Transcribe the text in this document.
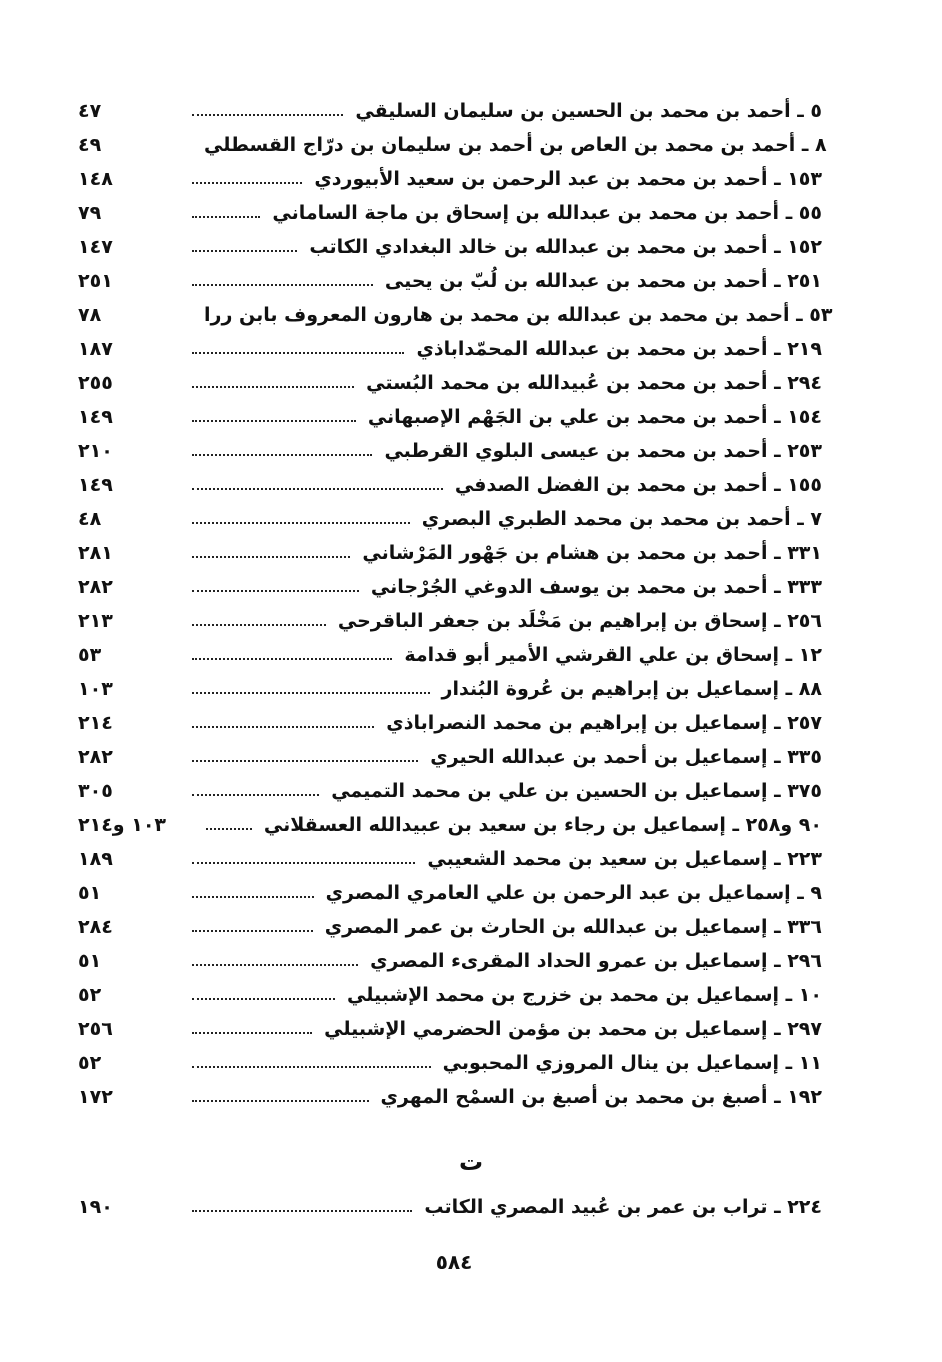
٤٧	٥ ـ أحمد بن محمد بن الحسين بن سليمان السليقي
٤٩	٨ ـ أحمد بن محمد بن العاص بن أحمد بن سليمان بن درّاج القسطلي
١٤٨	١٥٣ ـ أحمد بن محمد بن عبد الرحمن بن سعيد الأبيوردي
٧٩	٥٥ ـ أحمد بن محمد بن عبدالله بن إسحاق بن ماجة الساماني
١٤٧	١٥٢ ـ أحمد بن محمد بن عبدالله بن خالد البغدادي الكاتب
٢٥١	٢٥١ ـ أحمد بن محمد بن عبدالله بن لُبّ بن يحيى
٧٨	٥٣ ـ أحمد بن محمد بن عبدالله بن محمد بن هارون المعروف بابن ررا
١٨٧	٢١٩ ـ أحمد بن محمد بن عبدالله المحمّداباذي
٢٥٥	٢٩٤ ـ أحمد بن محمد بن عُبيدالله بن محمد البُستي
١٤٩	١٥٤ ـ أحمد بن محمد بن علي بن الجَهْم الإصبهاني
٢١٠	٢٥٣ ـ أحمد بن محمد بن عيسى البلوي القرطبي
١٤٩	١٥٥ ـ أحمد بن محمد بن الفضل الصدفي
٤٨	٧ ـ أحمد بن محمد بن محمد الطبري البصري
٢٨١	٣٣١ ـ أحمد بن محمد بن هشام بن جَهْور المَرْشاني
٢٨٢	٣٣٣ ـ أحمد بن محمد بن يوسف الدوغي الجُرْجاني
٢١٣	٢٥٦ ـ إسحاق بن إبراهيم بن مَخْلَد بن جعفر الباقرحي
٥٣	١٢ ـ إسحاق بن علي القرشي الأمير أبو قدامة
١٠٣	٨٨ ـ إسماعيل بن إبراهيم بن عُروة البُندار
٢١٤	٢٥٧ ـ إسماعيل بن إبراهيم بن محمد النصراباذي
٢٨٢	٣٣٥ ـ إسماعيل بن أحمد بن عبدالله الحيري
٣٠٥	٣٧٥ ـ إسماعيل بن الحسين بن علي بن محمد التميمي
١٠٣ و٢١٤	٩٠ و٢٥٨ ـ إسماعيل بن رجاء بن سعيد بن عبيدالله العسقلاني
١٨٩	٢٢٣ ـ إسماعيل بن سعيد بن محمد الشعيبي
٥١	٩ ـ إسماعيل بن عبد الرحمن بن علي العامري المصري
٢٨٤	٣٣٦ ـ إسماعيل بن عبدالله بن الحارث بن عمر المصري
٥١	٢٩٦ ـ إسماعيل بن عمرو الحداد المقرىء المصري
٥٢	١٠ ـ إسماعيل بن محمد بن خزرج بن محمد الإشبيلي
٢٥٦	٢٩٧ ـ إسماعيل بن محمد بن مؤمن الحضرمي الإشبيلي
٥٢	١١ ـ إسماعيل بن ينال المروزي المحبوبي
١٧٢	١٩٢ ـ أصبغ بن محمد بن أصبغ بن السمْح المهري
ت
١٩٠	٢٢٤ ـ تراب بن عمر بن عُبيد المصري الكاتب
٥٨٤
